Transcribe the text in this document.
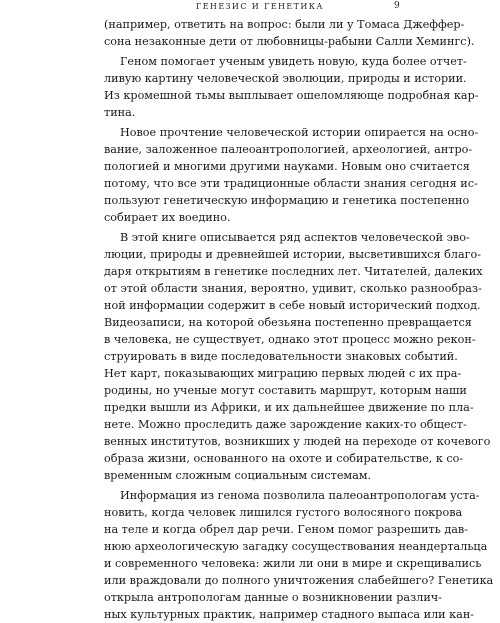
ГЕНЕЗИС И ГЕНЕТИКА	9
(например, ответить на вопрос: были ли у Томаса Джеффер-
сона незаконные дети от любовницы-рабыни Салли Хемингс).
Геном помогает ученым увидеть новую, куда более отчет-
ливую картину человеческой эволюции, природы и истории.
Из кромешной тьмы выплывает ошеломляюще подробная кар-
тина.
Новое прочтение человеческой истории опирается на осно-
вание, заложенное палеоантропологией, археологией, антро-
пологией и многими другими науками. Новым оно считается
потому, что все эти традиционные области знания сегодня ис-
пользуют генетическую информацию и генетика постепенно
собирает их воедино.
В этой книге описывается ряд аспектов человеческой эво-
люции, природы и древнейшей истории, высветившихся благо-
даря открытиям в генетике последних лет. Читателей, далеких
от этой области знания, вероятно, удивит, сколько разнообраз-
ной информации содержит в себе новый исторический подход.
Видеозаписи, на которой обезьяна постепенно превращается
в человека, не существует, однако этот процесс можно рекон-
струировать в виде последовательности знаковых событий.
Нет карт, показывающих миграцию первых людей с их пра-
родины, но ученые могут составить маршрут, которым наши
предки вышли из Африки, и их дальнейшее движение по пла-
нете. Можно проследить даже зарождение каких-то общест-
венных институтов, возникших у людей на переходе от кочевого
образа жизни, основанного на охоте и собирательстве, к со-
временным сложным социальным системам.
Информация из генома позволила палеоантропологам уста-
новить, когда человек лишился густого волосяного покрова
на теле и когда обрел дар речи. Геном помог разрешить дав-
нюю археологическую загадку сосуществования неандертальца
и современного человека: жили ли они в мире и скрещивались
или враждовали до полного уничтожения слабейшего? Генетика
открыла антропологам данные о возникновении различ-
ных культурных практик, например стадного выпаса или кан-
